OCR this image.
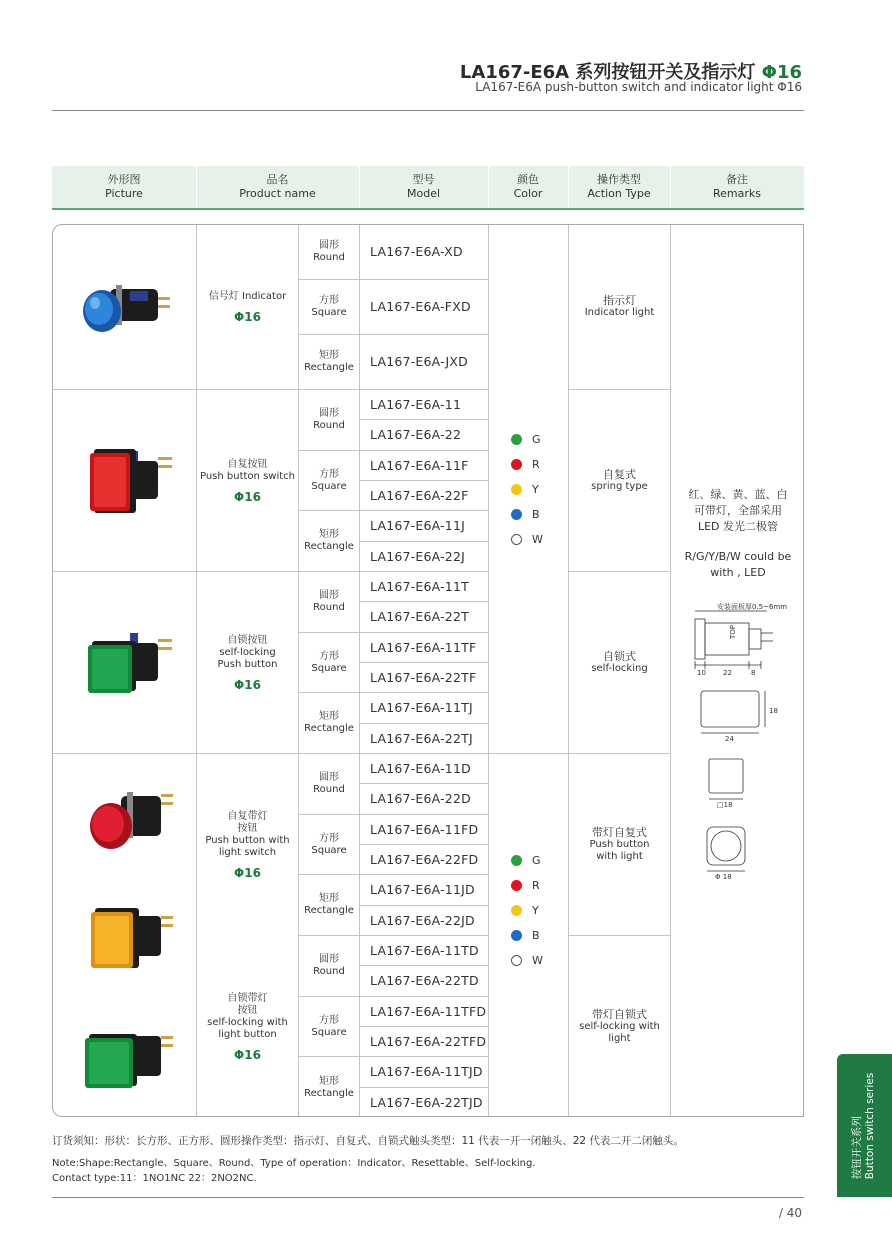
LA167-E6A 系列按钮开关及指示灯 Φ16
LA167-E6A push-button switch and indicator light Φ16
外形图
Picture
品名
Product name
型号
Model
颜色
Color
操作类型
Action Type
备注
Remarks
信号灯 Indicator
Φ16
自复按钮
Push button switch
Φ16
自锁按钮
self-locking Push button
Φ16
自复带灯 按钮
Push button with light switch
Φ16
自锁带灯 按钮
self-locking with light button
Φ16
圆形
Round
方形
Square
矩形
Rectangle
圆形
Round
方形
Square
矩形
Rectangle
圆形
Round
方形
Square
矩形
Rectangle
圆形
Round
方形
Square
矩形
Rectangle
圆形
Round
方形
Square
矩形
Rectangle
LA167-E6A-XD
LA167-E6A-FXD
LA167-E6A-JXD
LA167-E6A-11
LA167-E6A-22
LA167-E6A-11F
LA167-E6A-22F
LA167-E6A-11J
LA167-E6A-22J
LA167-E6A-11T
LA167-E6A-22T
LA167-E6A-11TF
LA167-E6A-22TF
LA167-E6A-11TJ
LA167-E6A-22TJ
LA167-E6A-11D
LA167-E6A-22D
LA167-E6A-11FD
LA167-E6A-22FD
LA167-E6A-11JD
LA167-E6A-22JD
LA167-E6A-11TD
LA167-E6A-22TD
LA167-E6A-11TFD
LA167-E6A-22TFD
LA167-E6A-11TJD
LA167-E6A-22TJD
G
R
Y
B
W
G
R
Y
B
W
指示灯
Indicator light
自复式
spring type
自锁式
self-locking
带灯自复式
Push button with light
带灯自锁式
self-locking with light
红、绿、黄、蓝、白可带灯，全部采用LED 发光二极管
R/G/Y/B/W could be with , LED
安装面板厚0.5~6mm
TOP
10 22	8
18
24
□18
Φ 18
订货须知：形状：长方形、正方形、圆形操作类型：指示灯、自复式、自锁式触头类型：11 代表一开一闭触头、22 代表二开二闭触头。
Note:Shape:Rectangle、Square、Round、Type of operation：Indicator、Resettable、Self-locking.
Contact type:11：1NO1NC 22：2NO2NC.
/ 40
按钮开关系列 Button switch series
